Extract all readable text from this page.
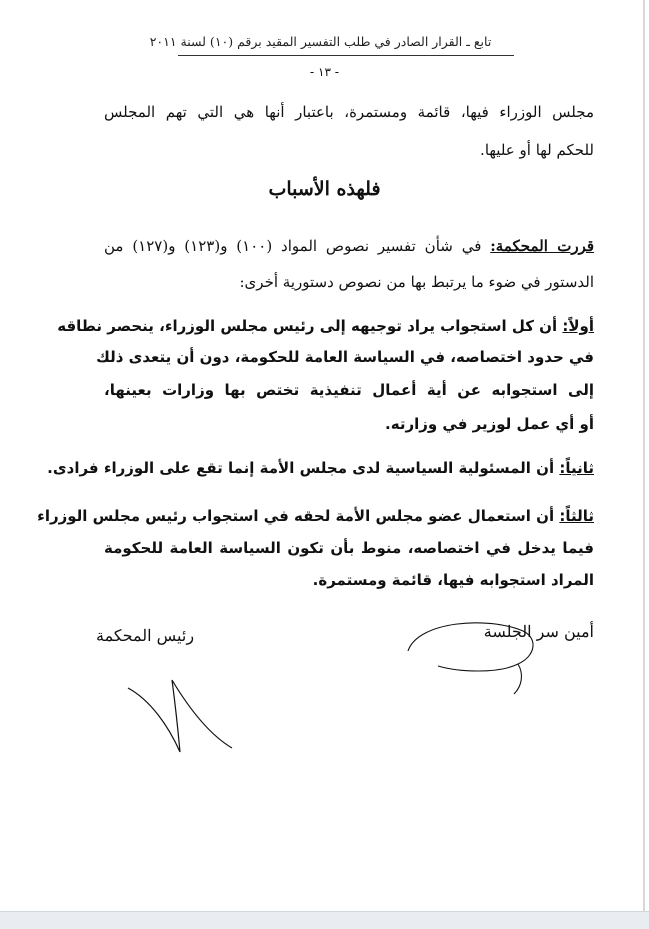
تابع ـ القرار الصادر في طلب التفسير المقيد برقم (١٠) لسنة ٢٠١١
- ١٣ -
مجلس الوزراء فيها، قائمة ومستمرة، باعتبار أنها هي التي تهم المجلس
للحكم لها أو عليها.
فلهذه الأسباب
قررت المحكمة: في شأن تفسير نصوص المواد (١٠٠) و(١٢٣) و(١٢٧) من
الدستور في ضوء ما يرتبط بها من نصوص دستورية أخرى:
أولاً: أن كل استجواب يراد توجيهه إلى رئيس مجلس الوزراء، ينحصر نطاقه
في حدود اختصاصه، في السياسة العامة للحكومة، دون أن يتعدى ذلك
إلى استجوابه عن أية أعمال تنفيذية تختص بها وزارات بعينها،
أو أي عمل لوزير في وزارته.
ثانياً: أن المسئولية السياسية لدى مجلس الأمة إنما تقع على الوزراء فرادى.
ثالثاً: أن استعمال عضو مجلس الأمة لحقه في استجواب رئيس مجلس الوزراء
فيما يدخل في اختصاصه، منوط بأن تكون السياسة العامة للحكومة
المراد استجوابه فيها، قائمة ومستمرة.
رئيس المحكمة	أمين سر الجلسة
